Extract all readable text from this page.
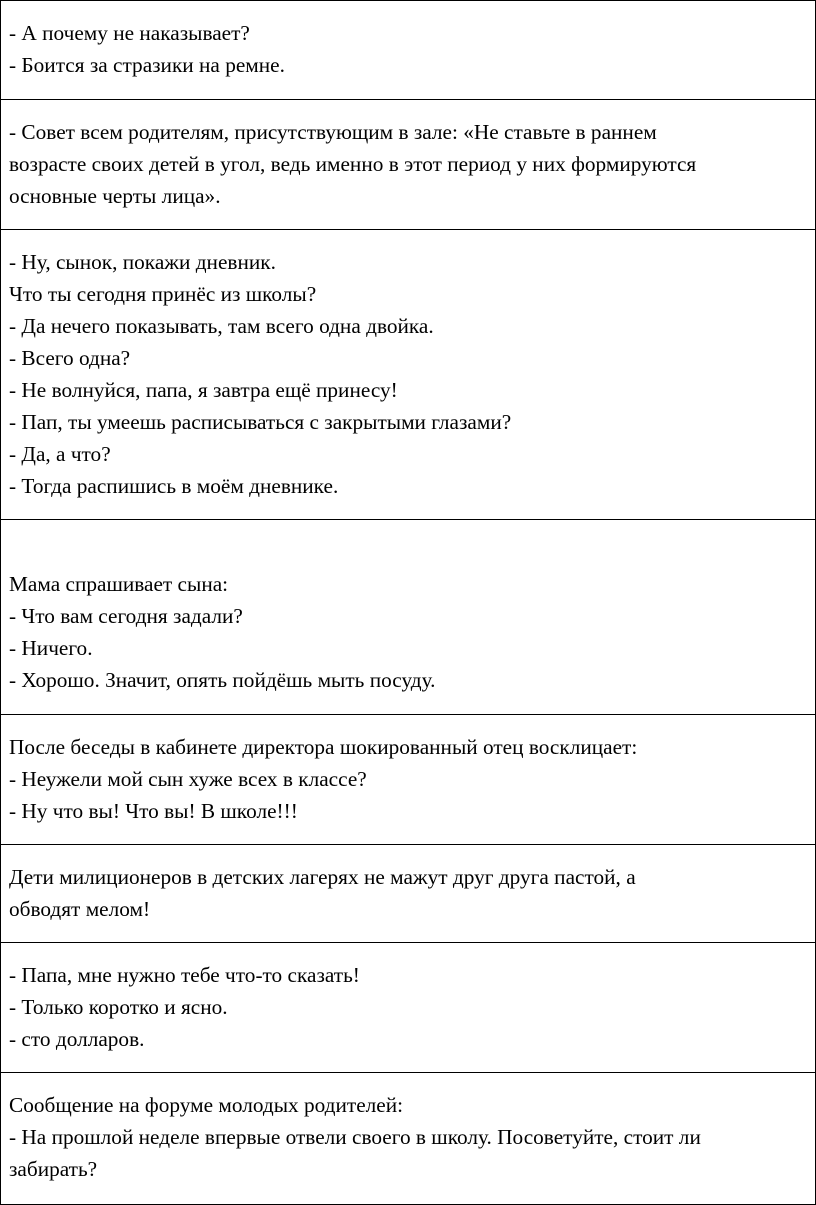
- А почему не наказывает?
- Боится за стразики на ремне.

- Совет всем родителям, присутствующим в зале: «Не ставьте в раннем
возрасте своих детей в угол, ведь именно в этот период у них формируются
основные черты лица».

- Ну, сынок, покажи дневник.
Что ты сегодня принёс из школы?
- Да нечего показывать, там всего одна двойка.
- Всего одна?
- Не волнуйся, папа, я завтра ещё принесу!
- Пап, ты умеешь расписываться с закрытыми глазами?
- Да, а что?
- Тогда распишись в моём дневнике.

Мама спрашивает сына:
- Что вам сегодня задали?
- Ничего.
- Хорошо. Значит, опять пойдёшь мыть посуду.

После беседы в кабинете директора шокированный отец восклицает:
- Неужели мой сын хуже всех в классе?
- Ну что вы! Что вы! В школе!!!

Дети милиционеров в детских лагерях не мажут друг друга пастой, а
обводят мелом!

- Папа, мне нужно тебе что-то сказать!
- Только коротко и ясно.
- сто долларов.

Сообщение на форуме молодых родителей:
- На прошлой неделе впервые отвели своего в школу. Посоветуйте, стоит ли
забирать?
